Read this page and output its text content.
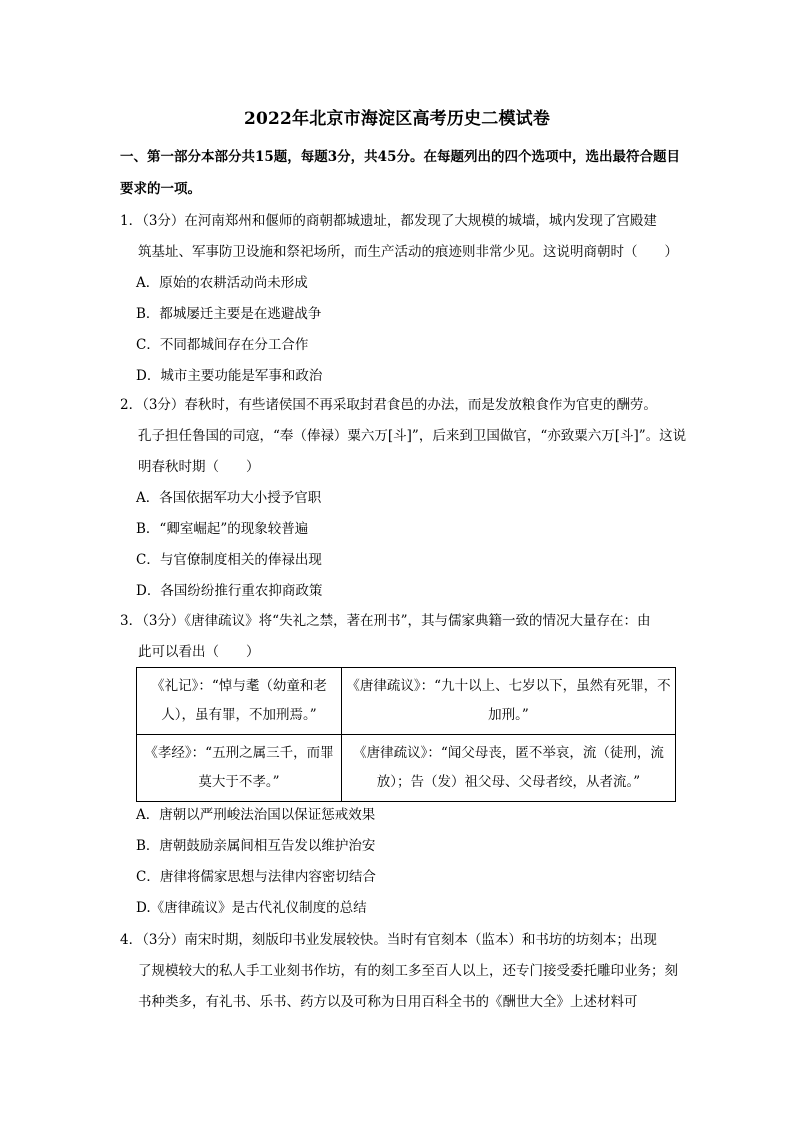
2022年北京市海淀区高考历史二模试卷
一、第一部分本部分共15题，每题3分，共45分。在每题列出的四个选项中，选出最符合题目要求的一项。
1．（3分）在河南郑州和偃师的商朝都城遗址，都发现了大规模的城墙，城内发现了宫殿建
筑基址、军事防卫设施和祭祀场所，而生产活动的痕迹则非常少见。这说明商朝时（　　）
A．原始的农耕活动尚未形成
B．都城屡迁主要是在逃避战争
C．不同都城间存在分工合作
D．城市主要功能是军事和政治
2．（3分）春秋时，有些诸侯国不再采取封君食邑的办法，而是发放粮食作为官吏的酬劳。
孔子担任鲁国的司寇，“奉（俸禄）粟六万[斗]”，后来到卫国做官，“亦致粟六万[斗]”。这说明春秋时期（　　）
A．各国依据军功大小授予官职
B．“卿室崛起”的现象较普遍
C．与官僚制度相关的俸禄出现
D．各国纷纷推行重农抑商政策
3．（3分）《唐律疏议》将“失礼之禁，著在刑书”，其与儒家典籍一致的情况大量存在：由
此可以看出（　　）
《礼记》：“悼与耄（幼童和老人），虽有罪，不加刑焉。”	《唐律疏议》：“九十以上、七岁以下，虽然有死罪，不加刑。”
《孝经》：“五刑之属三千，而罪莫大于不孝。”	《唐律疏议》：“闻父母丧，匿不举哀，流（徒刑，流放）；告（发）祖父母、父母者绞，从者流。”
A．唐朝以严刑峻法治国以保证惩戒效果
B．唐朝鼓励亲属间相互告发以维护治安
C．唐律将儒家思想与法律内容密切结合
D.《唐律疏议》是古代礼仪制度的总结
4．（3分）南宋时期，刻版印书业发展较快。当时有官刻本（监本）和书坊的坊刻本；出现
了规模较大的私人手工业刻书作坊，有的刻工多至百人以上，还专门接受委托雕印业务；刻书种类多，有礼书、乐书、药方以及可称为日用百科全书的《酬世大全》上述材料可
